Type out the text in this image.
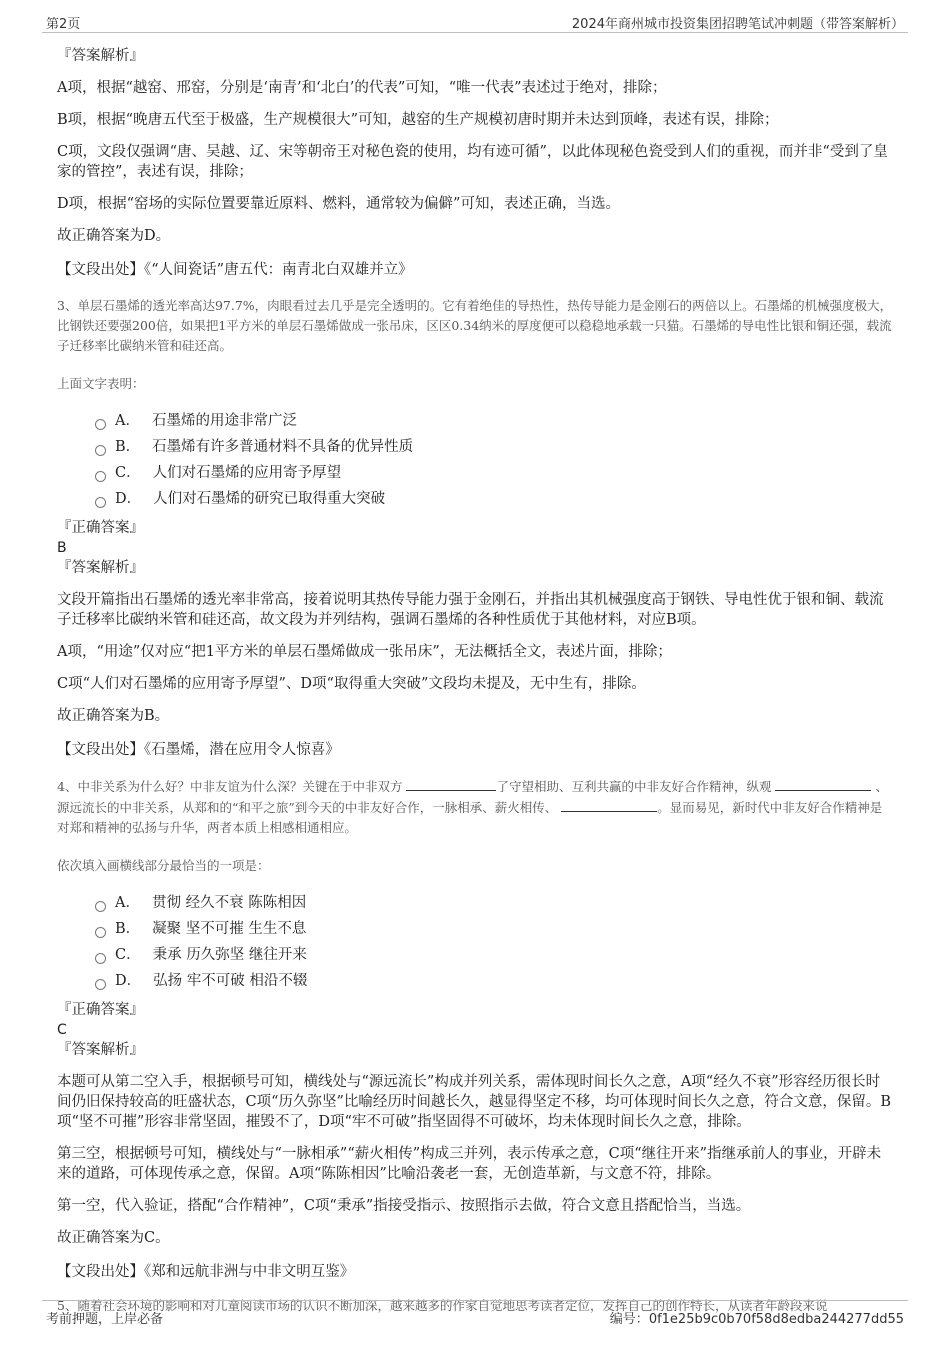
第2页	2024年商州城市投资集团招聘笔试冲刺题（带答案解析）
『答案解析』

A项，根据“越窑、邢窑，分别是‘南青’和‘北白’的代表”可知，“唯一代表”表述过于绝对，排除；

B项，根据“晚唐五代至于极盛，生产规模很大”可知，越窑的生产规模初唐时期并未达到顶峰，表述有误，排除；

C项，文段仅强调“唐、吴越、辽、宋等朝帝王对秘色瓷的使用，均有迹可循”，以此体现秘色瓷受到人们的重视，而并非“受到了皇家的管控”，表述有误，排除；

D项，根据“窑场的实际位置要靠近原料、燃料，通常较为偏僻”可知，表述正确，当选。

故正确答案为D。

【文段出处】《“人间瓷话”唐五代：南青北白双雄并立》

3、单层石墨烯的透光率高达97.7%，肉眼看过去几乎是完全透明的。它有着绝佳的导热性，热传导能力是金刚石的两倍以上。石墨烯的机械强度极大，比钢铁还要强200倍，如果把1平方米的单层石墨烯做成一张吊床，区区0.34纳米的厚度便可以稳稳地承载一只猫。石墨烯的导电性比银和铜还强，载流子迁移率比碳纳米管和硅还高。

上面文字表明：

A． 石墨烯的用途非常广泛
B． 石墨烯有许多普通材料不具备的优异性质
C． 人们对石墨烯的应用寄予厚望
D． 人们对石墨烯的研究已取得重大突破
『正确答案』
B
『答案解析』

文段开篇指出石墨烯的透光率非常高，接着说明其热传导能力强于金刚石，并指出其机械强度高于钢铁、导电性优于银和铜、载流子迁移率比碳纳米管和硅还高，故文段为并列结构，强调石墨烯的各种性质优于其他材料，对应B项。

A项，“用途”仅对应“把1平方米的单层石墨烯做成一张吊床”，无法概括全文，表述片面，排除；

C项“人们对石墨烯的应用寄予厚望”、D项“取得重大突破”文段均未提及，无中生有，排除。

故正确答案为B。

【文段出处】《石墨烯，潜在应用令人惊喜》

4、中非关系为什么好？中非友谊为什么深？关键在于中非双方	了守望相助、互利共赢的中非友好合作精神，纵观	、源远流长的中非关系，从郑和的“和平之旅”到今天的中非友好合作，一脉相承、薪火相传、	。显而易见，新时代中非友好合作精神是对郑和精神的弘扬与升华，两者本质上相感相通相应。

依次填入画横线部分最恰当的一项是：

A． 贯彻 经久不衰 陈陈相因
B． 凝聚 坚不可摧 生生不息
C． 秉承 历久弥坚 继往开来
D． 弘扬 牢不可破 相沿不辍
『正确答案』
C
『答案解析』

本题可从第二空入手，根据顿号可知，横线处与“源远流长”构成并列关系，需体现时间长久之意，A项“经久不衰”形容经历很长时间仍旧保持较高的旺盛状态，C项“历久弥坚”比喻经历时间越长久，越显得坚定不移，均可体现时间长久之意，符合文意，保留。B项“坚不可摧”形容非常坚固，摧毁不了，D项“牢不可破”指坚固得不可破坏，均未体现时间长久之意，排除。

第三空，根据顿号可知，横线处与“一脉相承”“薪火相传”构成三并列，表示传承之意，C项“继往开来”指继承前人的事业，开辟未来的道路，可体现传承之意，保留。A项“陈陈相因”比喻沿袭老一套，无创造革新，与文意不符，排除。

第一空，代入验证，搭配“合作精神”，C项“秉承”指接受指示、按照指示去做，符合文意且搭配恰当，当选。

故正确答案为C。

【文段出处】《郑和远航非洲与中非文明互鉴》

5、随着社会环境的影响和对儿童阅读市场的认识不断加深，越来越多的作家自觉地思考读者定位，发挥自己的创作特长，从读者年龄段来说
考前押题，上岸必备	编号：0f1e25b9c0b70f58d8edba244277dd55
